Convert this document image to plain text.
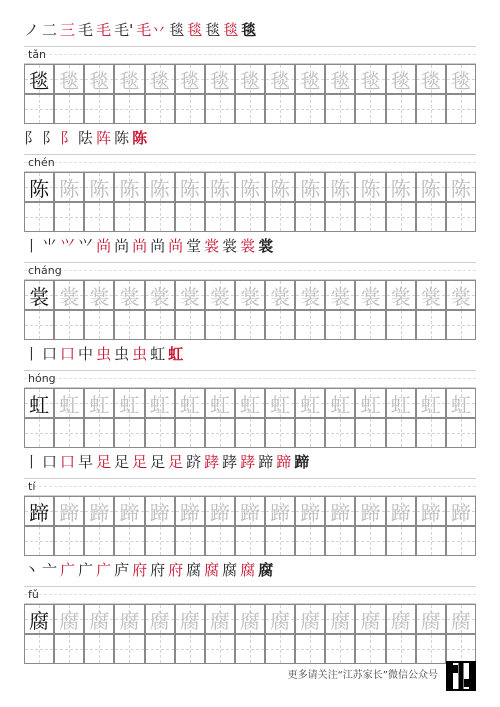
ノ 二 三 毛 毛 毛' 毛丷 毯 毯 毯 毯 毯
tǎn
毯 毯 毯 毯 毯 毯 毯 毯 毯 毯 毯 毯 毯 毯 毯
⻖ 阝 阝 阹 阵 陈 陈
chén
陈 陈 陈 陈 陈 陈 陈 陈 陈 陈 陈 陈 陈 陈 陈
丨 ⺌ ⺍ ⺍ 尚 尚 尚 尚 尚 堂 裳 裳 裳 裳
cháng
裳 裳 裳 裳 裳 裳 裳 裳 裳 裳 裳 裳 裳 裳 裳
丨 口 口 中 虫 虫 虫 虹 虹
hóng
虹 虹 虹 虹 虹 虹 虹 虹 虹 虹 虹 虹 虹 虹 虹
丨 口 口 早 足 足 足 足 足 跻 踍 踍 踍 蹄 蹄 蹄
tí
蹄 蹄 蹄 蹄 蹄 蹄 蹄 蹄 蹄 蹄 蹄 蹄 蹄 蹄 蹄
丶 亠 广 广 广 庐 府 府 府 腐 腐 腐 腐 腐
fǔ
腐 腐 腐 腐 腐 腐 腐 腐 腐 腐 腐 腐 腐 腐 腐
更多请关注“江苏家长”微信公众号
